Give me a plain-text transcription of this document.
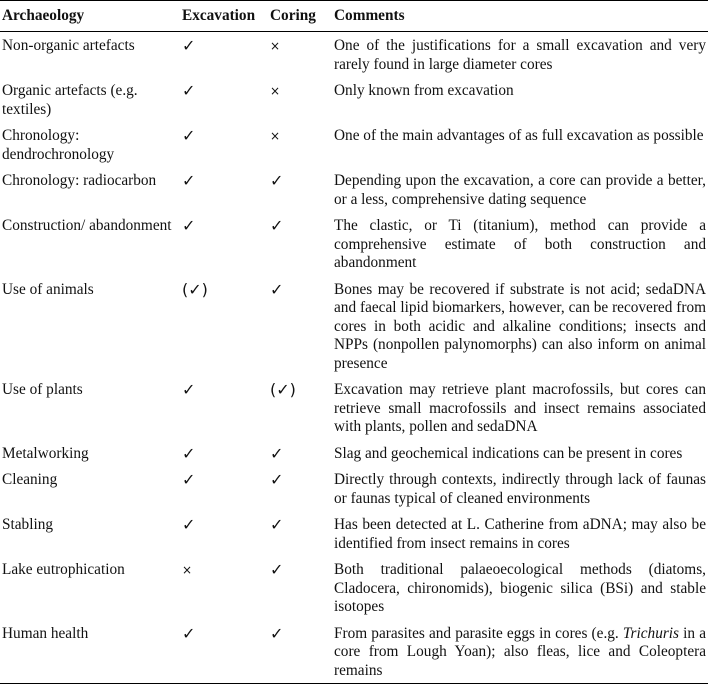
Archaeology	Excavation	Coring	Comments
Non-organic artefacts	✓	×	One of the justifications for a small excavation and very rarely found in large diameter cores
Organic artefacts (e.g. textiles)	✓	×	Only known from excavation
Chronology: dendrochronology	✓	×	One of the main advantages of as full excavation as possible
Chronology: radiocarbon	✓	✓	Depending upon the excavation, a core can provide a better, or a less, comprehensive dating sequence
Construction/ abandonment	✓	✓	The clastic, or Ti (titanium), method can provide a comprehensive estimate of both construction and abandonment
Use of animals	(✓)	✓	Bones may be recovered if substrate is not acid; sedaDNA and faecal lipid biomarkers, however, can be recovered from cores in both acidic and alkaline conditions; insects and NPPs (nonpollen palynomorphs) can also inform on animal presence
Use of plants	✓	(✓)	Excavation may retrieve plant macrofossils, but cores can retrieve small macrofossils and insect remains associated with plants, pollen and sedaDNA
Metalworking	✓	✓	Slag and geochemical indications can be present in cores
Cleaning	✓	✓	Directly through contexts, indirectly through lack of faunas or faunas typical of cleaned environments
Stabling	✓	✓	Has been detected at L. Catherine from aDNA; may also be identified from insect remains in cores
Lake eutrophication	×	✓	Both traditional palaeoecological methods (diatoms, Cladocera, chironomids), biogenic silica (BSi) and stable isotopes
Human health	✓	✓	From parasites and parasite eggs in cores (e.g. Trichuris in a core from Lough Yoan); also fleas, lice and Coleoptera remains
